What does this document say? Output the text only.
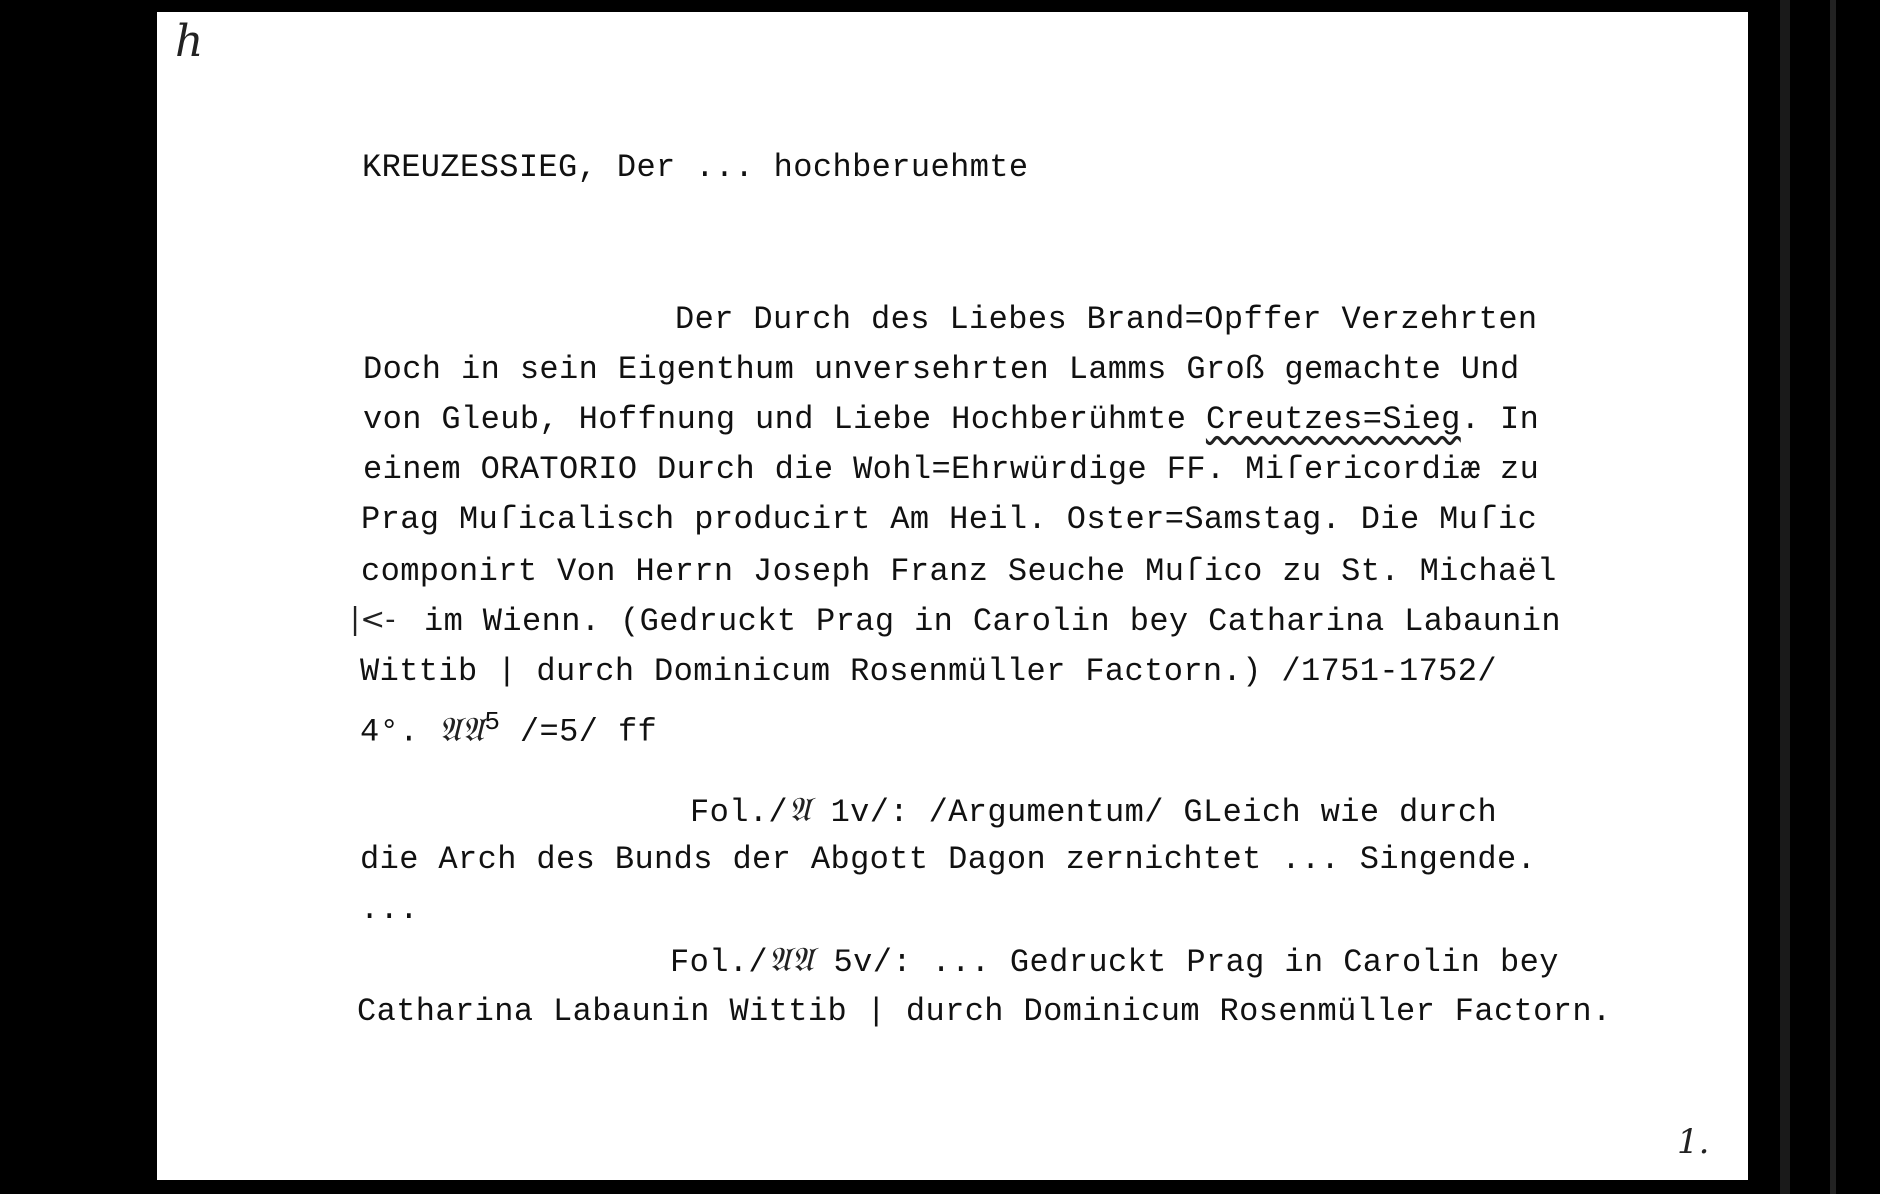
h
KREUZESSIEG, Der ... hochberuehmte
Der Durch des Liebes Brand=Opffer Verzehrten
Doch in sein Eigenthum unversehrten Lamms Groß gemachte Und
von Gleub, Hoffnung und Liebe Hochberühmte Creutzes=Sieg. In
einem ORATORIO Durch die Wohl=Ehrwürdige FF. Miſericordiæ zu
Prag Muſicalisch producirt Am Heil. Oster=Samstag. Die Muſic
componirt Von Herrn Joseph Franz Seuche Muſico zu St. Michaël
|<- im Wienn. (Gedruckt Prag in Carolin bey Catharina Labaunin
Wittib | durch Dominicum Rosenmüller Factorn.) /1751-1752/
4°. 𝔄𝔄$^5$ /=5/ ff
Fol./𝔄 1v/: /Argumentum/ GLeich wie durch
die Arch des Bunds der Abgott Dagon zernichtet ... Singende.
...
Fol./𝔄𝔄 5v/: ... Gedruckt Prag in Carolin bey
Catharina Labaunin Wittib | durch Dominicum Rosenmüller Factorn.
1.
